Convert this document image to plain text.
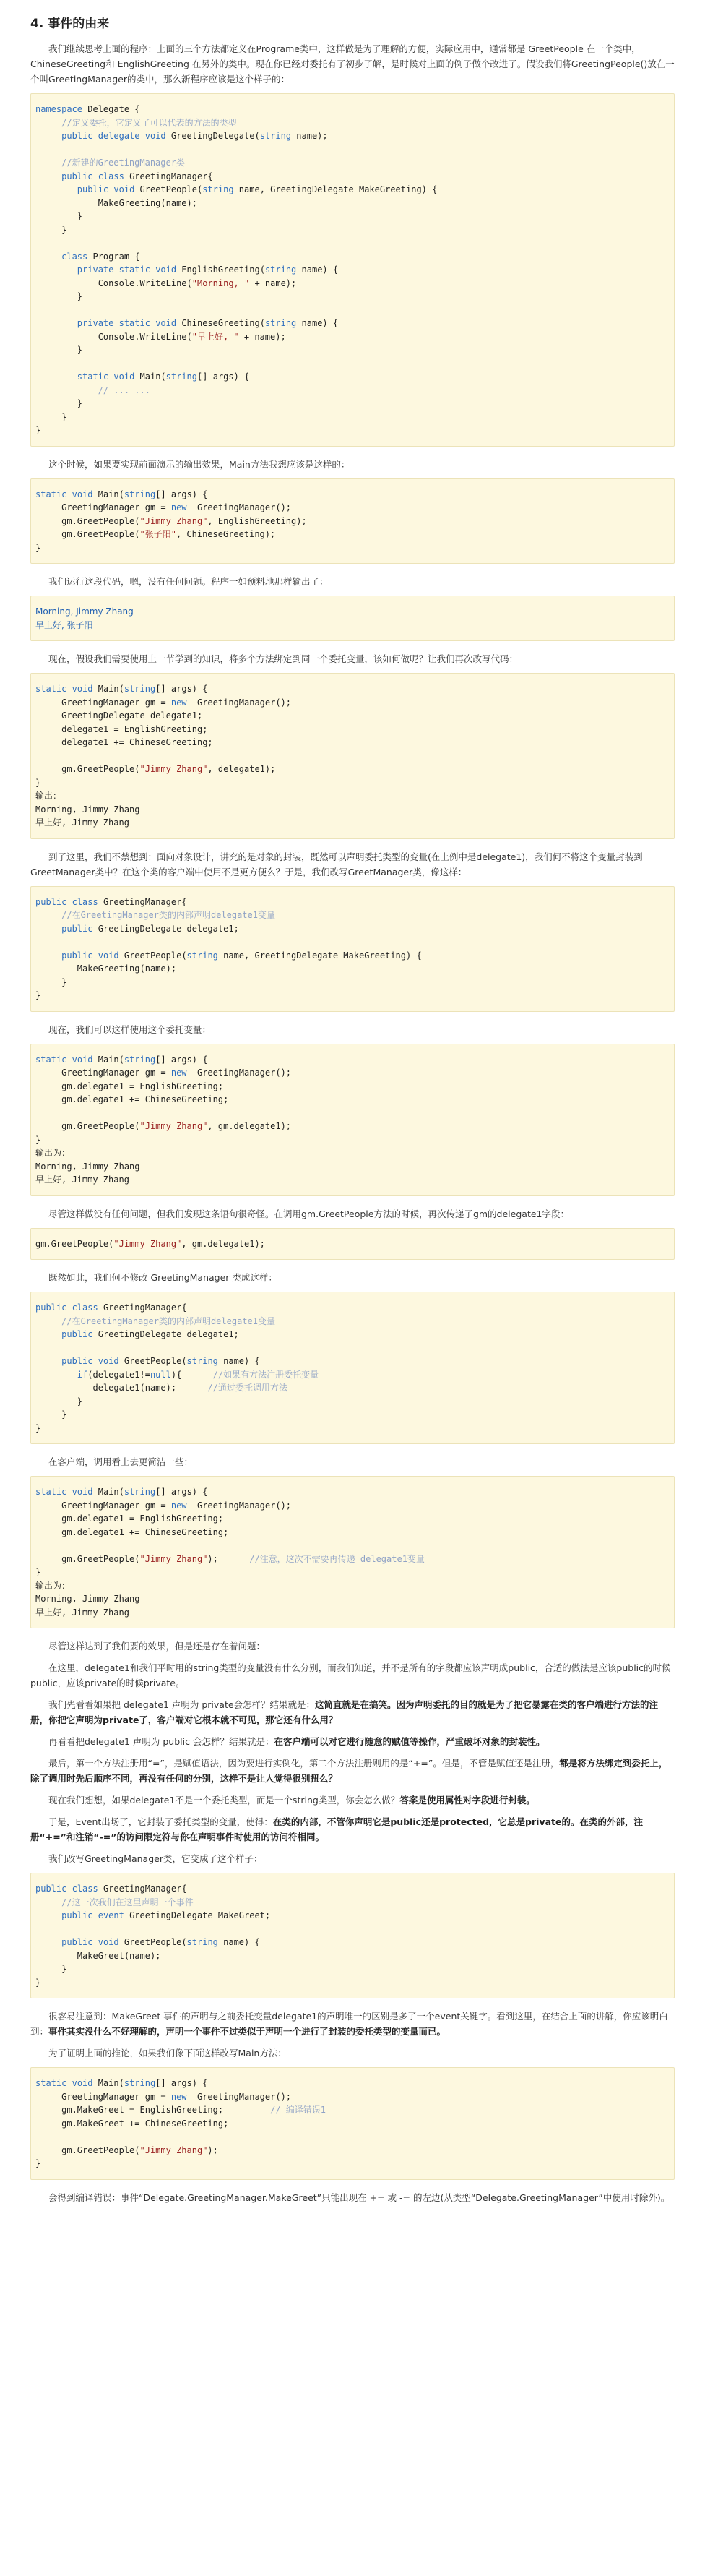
4. 事件的由来

我们继续思考上面的程序：上面的三个方法都定义在Programe类中，这样做是为了理解的方便，实际应用中，通常都是 GreetPeople 在一个类中，ChineseGreeting和 EnglishGreeting 在另外的类中。现在你已经对委托有了初步了解，是时候对上面的例子做个改进了。假设我们将GreetingPeople()放在一个叫GreetingManager的类中，那么新程序应该是这个样子的：

namespace Delegate {
//定义委托，它定义了可以代表的方法的类型
public delegate void GreetingDelegate(string name);

//新建的GreetingManager类
public class GreetingManager{
public void GreetPeople(string name, GreetingDelegate MakeGreeting) {
MakeGreeting(name);
}
}

class Program {
private static void EnglishGreeting(string name) {
Console.WriteLine("Morning, " + name);
}

private static void ChineseGreeting(string name) {
Console.WriteLine("早上好, " + name);
}

static void Main(string[] args) {
// ... ...
}
}
}

这个时候，如果要实现前面演示的输出效果，Main方法我想应该是这样的：

static void Main(string[] args) {
GreetingManager gm = new  GreetingManager();
gm.GreetPeople("Jimmy Zhang", EnglishGreeting);
gm.GreetPeople("张子阳", ChineseGreeting);
}

我们运行这段代码，嗯，没有任何问题。程序一如预料地那样输出了：

Morning, Jimmy Zhang
早上好, 张子阳

现在，假设我们需要使用上一节学到的知识，将多个方法绑定到同一个委托变量，该如何做呢？让我们再次改写代码：

static void Main(string[] args) {
GreetingManager gm = new  GreetingManager();
GreetingDelegate delegate1;
delegate1 = EnglishGreeting;
delegate1 += ChineseGreeting;

gm.GreetPeople("Jimmy Zhang", delegate1);
}
输出：
Morning, Jimmy Zhang
早上好, Jimmy Zhang

到了这里，我们不禁想到：面向对象设计，讲究的是对象的封装，既然可以声明委托类型的变量(在上例中是delegate1)，我们何不将这个变量封装到 GreetManager类中？在这个类的客户端中使用不是更方便么？于是，我们改写GreetManager类，像这样：

public class GreetingManager{
//在GreetingManager类的内部声明delegate1变量
public GreetingDelegate delegate1;

public void GreetPeople(string name, GreetingDelegate MakeGreeting) {
MakeGreeting(name);
}
}

现在，我们可以这样使用这个委托变量：

static void Main(string[] args) {
GreetingManager gm = new  GreetingManager();
gm.delegate1 = EnglishGreeting;
gm.delegate1 += ChineseGreeting;

gm.GreetPeople("Jimmy Zhang", gm.delegate1);
}
输出为：
Morning, Jimmy Zhang
早上好, Jimmy Zhang

尽管这样做没有任何问题，但我们发现这条语句很奇怪。在调用gm.GreetPeople方法的时候，再次传递了gm的delegate1字段：

gm.GreetPeople("Jimmy Zhang", gm.delegate1);

既然如此，我们何不修改 GreetingManager 类成这样：

public class GreetingManager{
//在GreetingManager类的内部声明delegate1变量
public GreetingDelegate delegate1;

public void GreetPeople(string name) {
if(delegate1!=null){      //如果有方法注册委托变量
delegate1(name);      //通过委托调用方法
}
}
}

在客户端，调用看上去更简洁一些：

static void Main(string[] args) {
GreetingManager gm = new  GreetingManager();
gm.delegate1 = EnglishGreeting;
gm.delegate1 += ChineseGreeting;

gm.GreetPeople("Jimmy Zhang");      //注意，这次不需要再传递 delegate1变量
}
输出为：
Morning, Jimmy Zhang
早上好, Jimmy Zhang

尽管这样达到了我们要的效果，但是还是存在着问题：

在这里，delegate1和我们平时用的string类型的变量没有什么分别，而我们知道，并不是所有的字段都应该声明成public，合适的做法是应该public的时候public，应该private的时候private。

我们先看看如果把 delegate1 声明为 private会怎样？结果就是：这简直就是在搞笑。因为声明委托的目的就是为了把它暴露在类的客户端进行方法的注册，你把它声明为private了，客户端对它根本就不可见，那它还有什么用？

再看看把delegate1 声明为 public 会怎样？结果就是：在客户端可以对它进行随意的赋值等操作，严重破坏对象的封装性。

最后，第一个方法注册用“=”，是赋值语法，因为要进行实例化，第二个方法注册则用的是“+=”。但是，不管是赋值还是注册，都是将方法绑定到委托上，除了调用时先后顺序不同，再没有任何的分别，这样不是让人觉得很别扭么？

现在我们想想，如果delegate1不是一个委托类型，而是一个string类型，你会怎么做？答案是使用属性对字段进行封装。

于是，Event出场了，它封装了委托类型的变量，使得：在类的内部，不管你声明它是public还是protected，它总是private的。在类的外部，注册“+=”和注销“-=”的访问限定符与你在声明事件时使用的访问符相同。

我们改写GreetingManager类，它变成了这个样子：

public class GreetingManager{
//这一次我们在这里声明一个事件
public event GreetingDelegate MakeGreet;

public void GreetPeople(string name) {
MakeGreet(name);
}
}

很容易注意到：MakeGreet 事件的声明与之前委托变量delegate1的声明唯一的区别是多了一个event关键字。看到这里，在结合上面的讲解，你应该明白到：事件其实没什么不好理解的，声明一个事件不过类似于声明一个进行了封装的委托类型的变量而已。

为了证明上面的推论，如果我们像下面这样改写Main方法：

static void Main(string[] args) {
GreetingManager gm = new  GreetingManager();
gm.MakeGreet = EnglishGreeting;         // 编译错误1
gm.MakeGreet += ChineseGreeting;

gm.GreetPeople("Jimmy Zhang");
}

会得到编译错误：事件“Delegate.GreetingManager.MakeGreet”只能出现在 += 或 -= 的左边(从类型“Delegate.GreetingManager”中使用时除外)。
